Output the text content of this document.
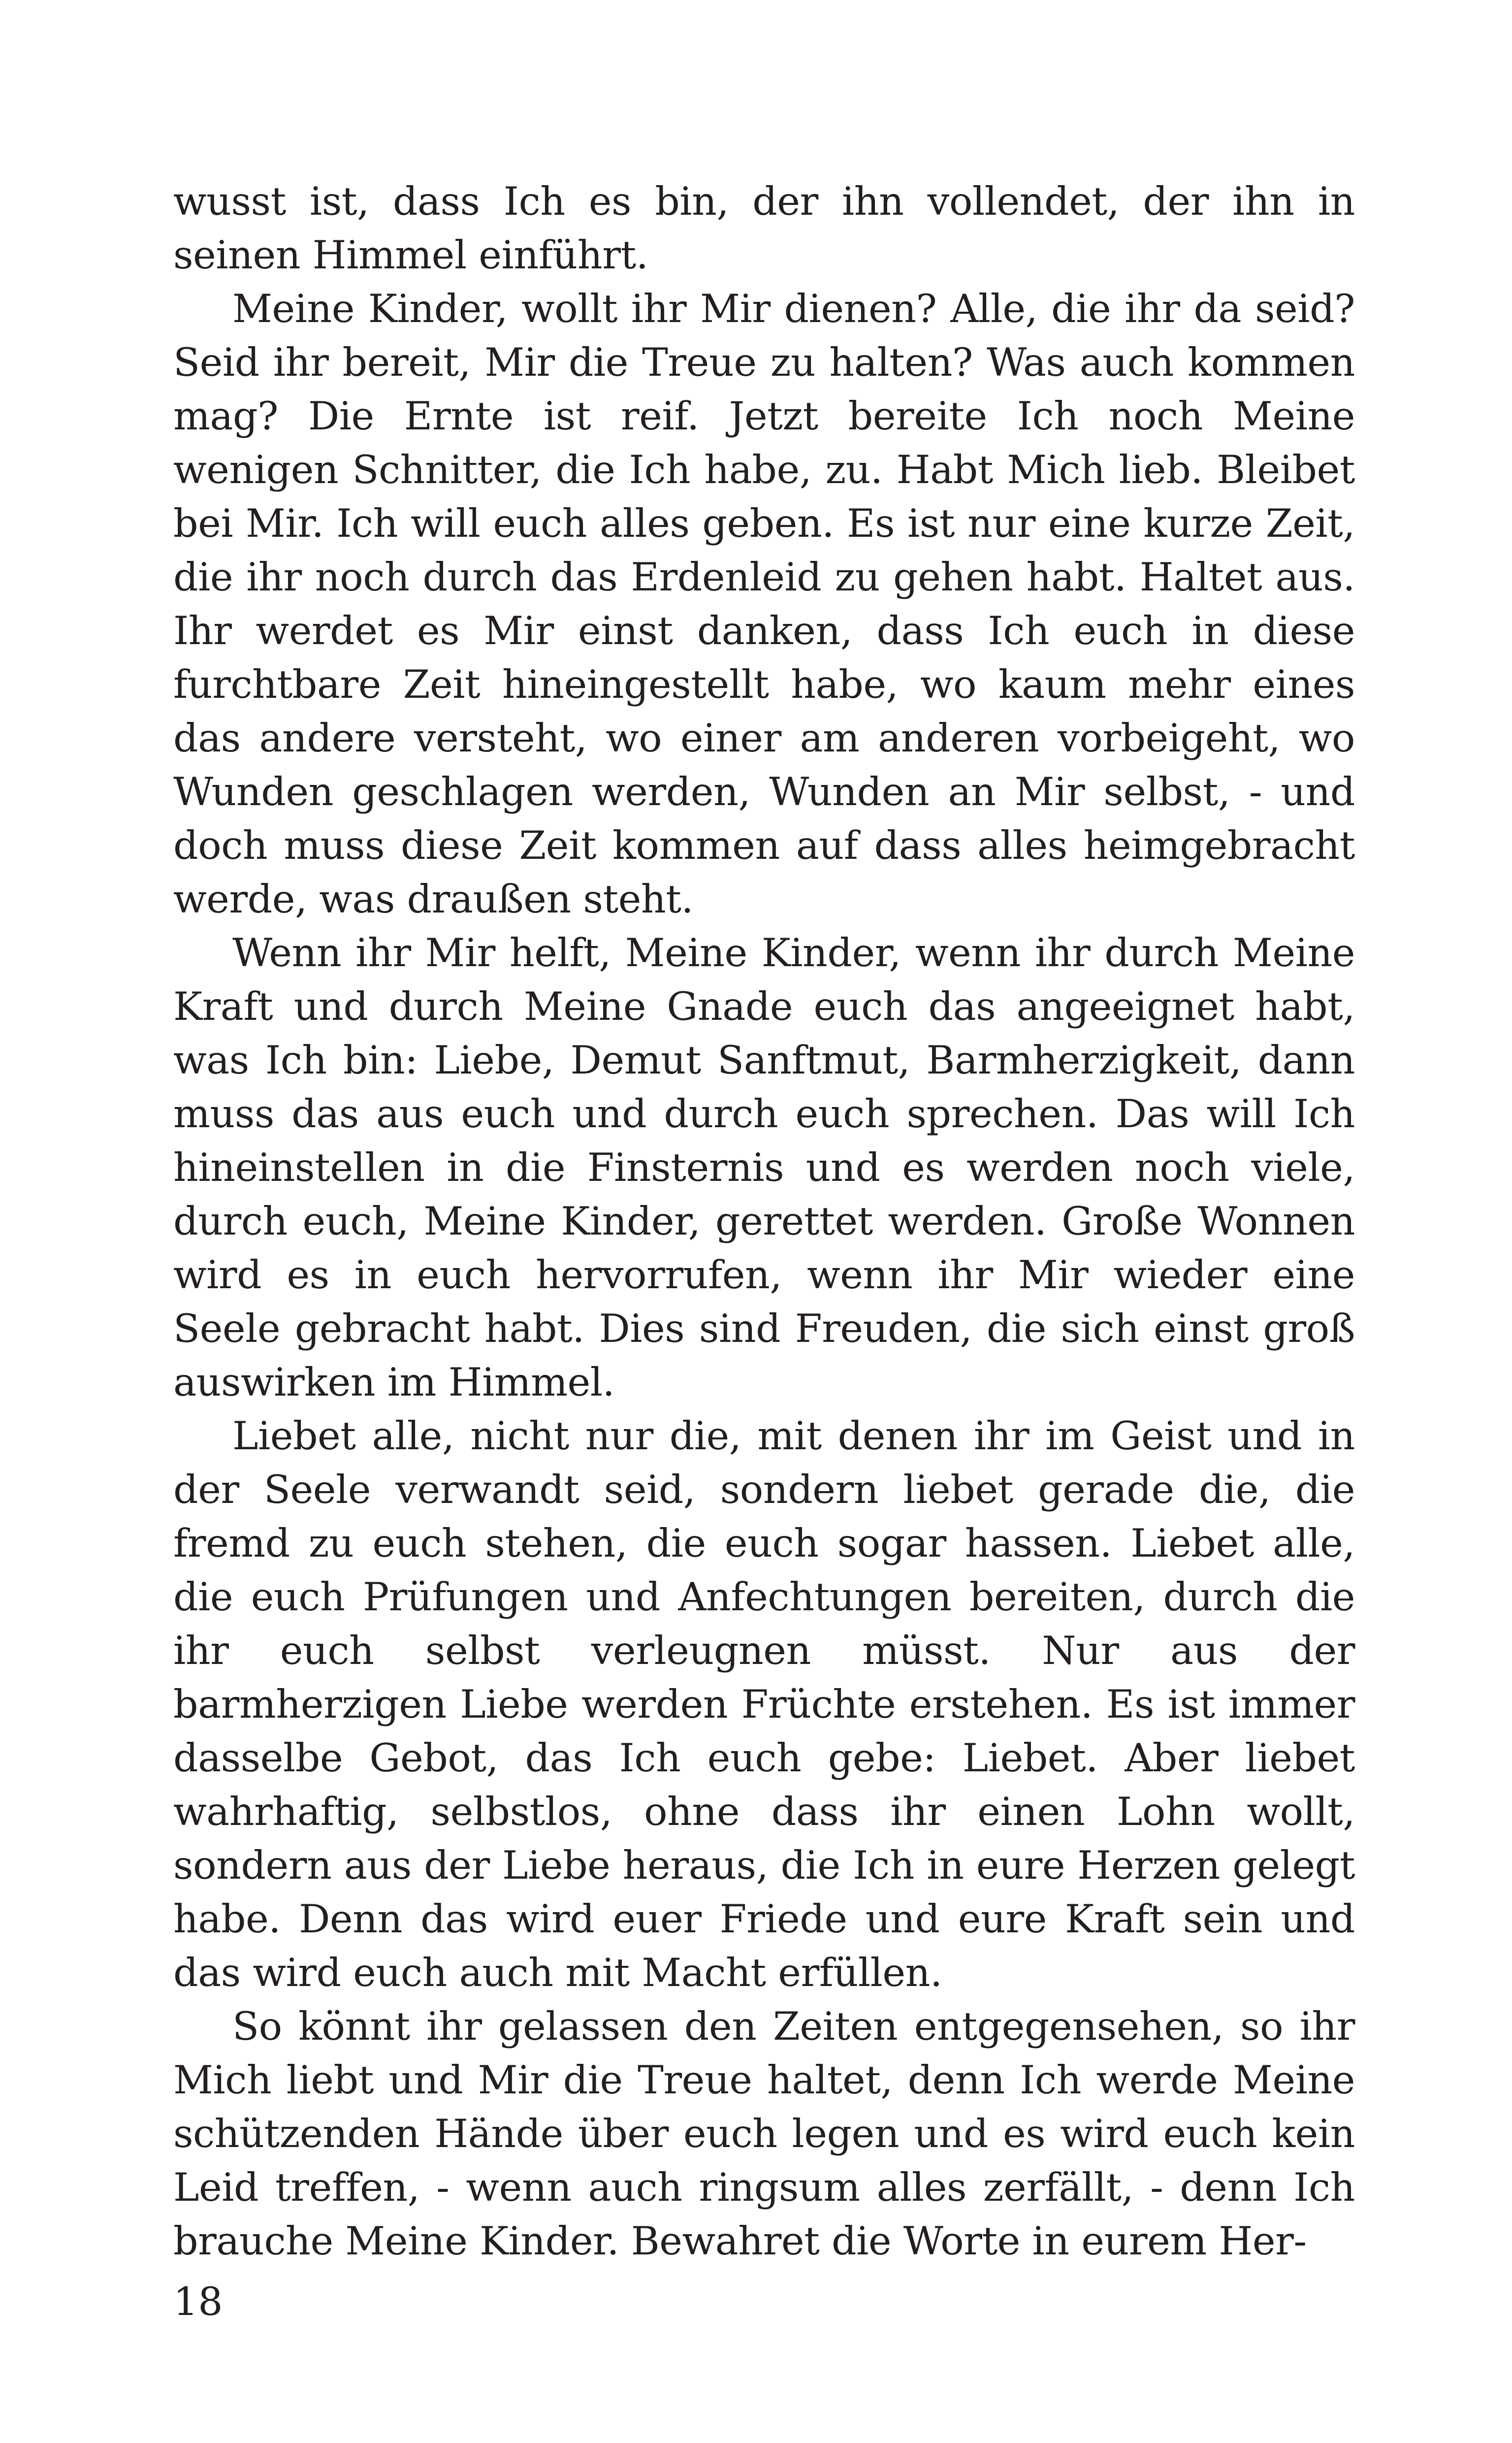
wusst ist, dass Ich es bin, der ihn vollendet, der ihn in seinen Himmel einführt.

Meine Kinder, wollt ihr Mir dienen? Alle, die ihr da seid? Seid ihr bereit, Mir die Treue zu halten? Was auch kommen mag? Die Ernte ist reif. Jetzt bereite Ich noch Meine wenigen Schnitter, die Ich habe, zu. Habt Mich lieb. Bleibet bei Mir. Ich will euch alles geben. Es ist nur eine kurze Zeit, die ihr noch durch das Erdenleid zu gehen habt. Haltet aus. Ihr werdet es Mir einst danken, dass Ich euch in diese furchtbare Zeit hineingestellt habe, wo kaum mehr eines das andere versteht, wo einer am anderen vorbeigeht, wo Wunden geschlagen werden, Wunden an Mir selbst, - und doch muss diese Zeit kommen auf dass alles heimgebracht werde, was draußen steht.

Wenn ihr Mir helft, Meine Kinder, wenn ihr durch Meine Kraft und durch Meine Gnade euch das angeeignet habt, was Ich bin: Liebe, Demut Sanftmut, Barmherzigkeit, dann muss das aus euch und durch euch sprechen. Das will Ich hineinstellen in die Finsternis und es werden noch viele, durch euch, Meine Kinder, gerettet werden. Große Wonnen wird es in euch hervorrufen, wenn ihr Mir wieder eine Seele gebracht habt. Dies sind Freuden, die sich einst groß auswirken im Himmel.

Liebet alle, nicht nur die, mit denen ihr im Geist und in der Seele verwandt seid, sondern liebet gerade die, die fremd zu euch stehen, die euch sogar hassen. Liebet alle, die euch Prüfungen und Anfechtungen bereiten, durch die ihr euch selbst verleugnen müsst. Nur aus der barmherzigen Liebe werden Früchte erstehen. Es ist immer dasselbe Gebot, das Ich euch gebe: Liebet. Aber liebet wahrhaftig, selbstlos, ohne dass ihr einen Lohn wollt, sondern aus der Liebe heraus, die Ich in eure Herzen gelegt habe. Denn das wird euer Friede und eure Kraft sein und das wird euch auch mit Macht erfüllen.

So könnt ihr gelassen den Zeiten entgegensehen, so ihr Mich liebt und Mir die Treue haltet, denn Ich werde Meine schützenden Hände über euch legen und es wird euch kein Leid treffen, - wenn auch ringsum alles zerfällt, - denn Ich brauche Meine Kinder. Bewahret die Worte in eurem Her-

18
